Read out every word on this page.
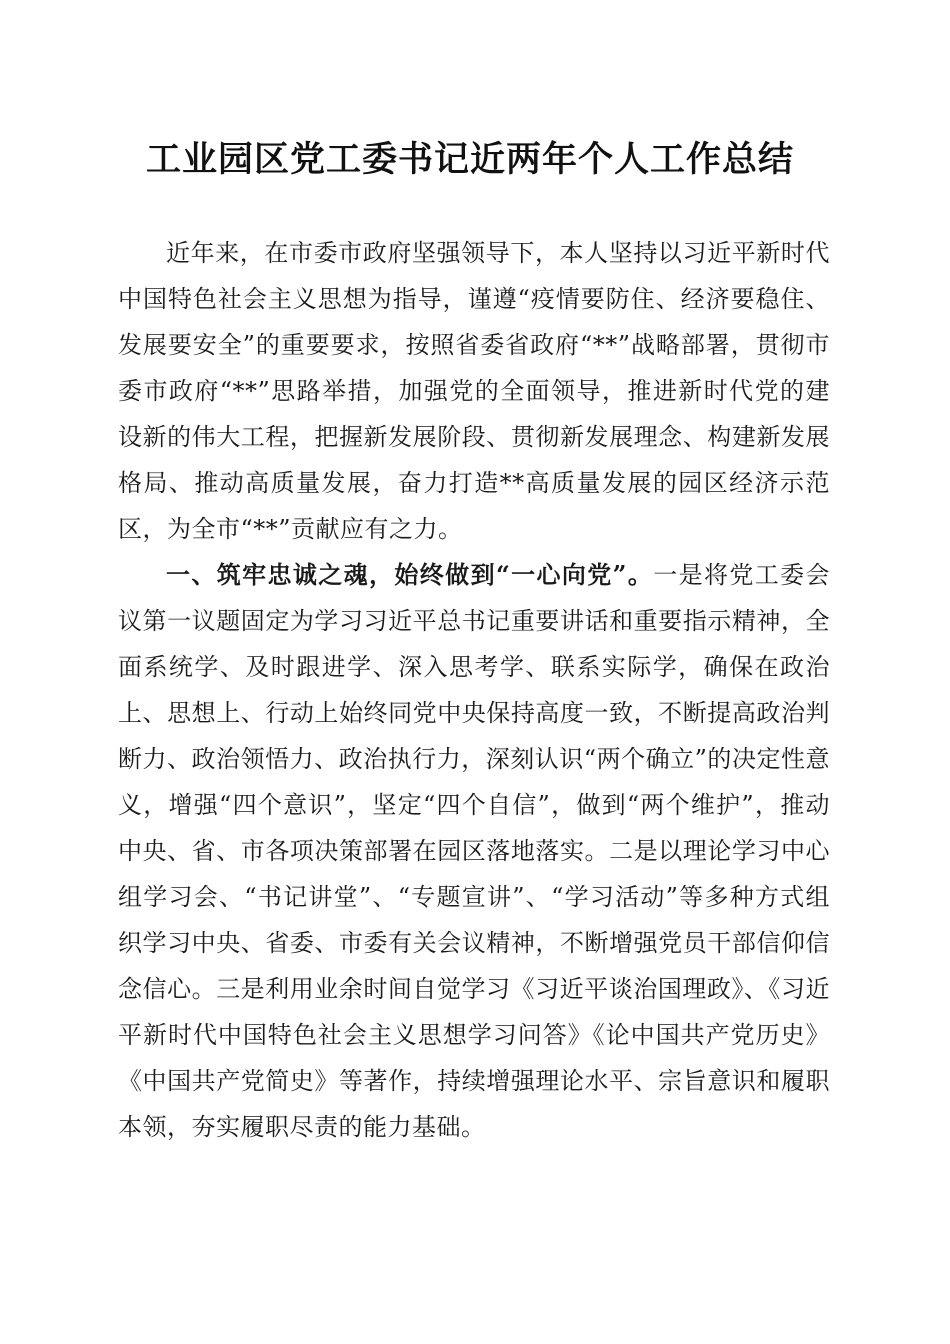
工业园区党工委书记近两年个人工作总结

近年来，在市委市政府坚强领导下，本人坚持以习近平新时代中国特色社会主义思想为指导，谨遵“疫情要防住、经济要稳住、发展要安全”的重要要求，按照省委省政府“**”战略部署，贯彻市委市政府“**”思路举措，加强党的全面领导，推进新时代党的建设新的伟大工程，把握新发展阶段、贯彻新发展理念、构建新发展格局、推动高质量发展，奋力打造**高质量发展的园区经济示范区，为全市“**”贡献应有之力。

一、筑牢忠诚之魂，始终做到“一心向党”。一是将党工委会议第一议题固定为学习习近平总书记重要讲话和重要指示精神，全面系统学、及时跟进学、深入思考学、联系实际学，确保在政治上、思想上、行动上始终同党中央保持高度一致，不断提高政治判断力、政治领悟力、政治执行力，深刻认识“两个确立”的决定性意义，增强“四个意识”，坚定“四个自信”，做到“两个维护”，推动中央、省、市各项决策部署在园区落地落实。二是以理论学习中心组学习会、“书记讲堂”、“专题宣讲”、“学习活动”等多种方式组织学习中央、省委、市委有关会议精神，不断增强党员干部信仰信念信心。三是利用业余时间自觉学习《习近平谈治国理政》、《习近平新时代中国特色社会主义思想学习问答》《论中国共产党历史》《中国共产党简史》等著作，持续增强理论水平、宗旨意识和履职本领，夯实履职尽责的能力基础。
